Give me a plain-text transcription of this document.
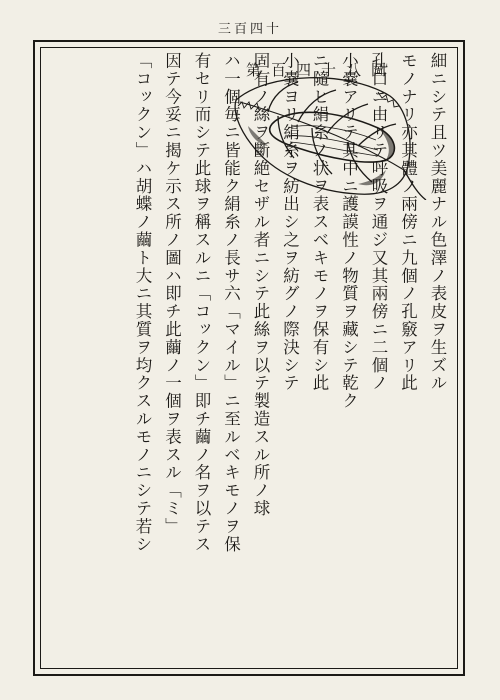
三百四十
第百四十八圖	細ニシテ且ツ美麗ナル色澤ノ表皮ヲ生ズル
モノナリ亦其體ノ兩傍ニ九個ノ孔竅アリ此
孔口ニ由リテ呼吸ヲ通ジ又其兩傍ニ二個ノ
小嚢アリテ其中ニ護謨性ノ物質ヲ藏シテ乾ク
ニ隨ヒ絹糸ノ状ヲ表スベキモノヲ保有シ此
小嚢ヨリ絹糸ヲ紡出シ之ヲ紡グノ際決シテ
固有ノ絲ヲ斷絶セザル者ニシテ此絲ヲ以テ製造スル所ノ球
ハ一個毎ニ皆能ク絹糸ノ長サ六「マイル」ニ至ルベキモノヲ保
有セリ而シテ此球ヲ稱スルニ「コックン」即チ繭ノ名ヲ以テス
因テ今妥ニ揭ケ示ス所ノ圖ハ即チ此繭ノ一個ヲ表スル「ミ」
「コックン」ハ胡蝶ノ繭ト大ニ其質ヲ均クスルモノニシテ若シ
